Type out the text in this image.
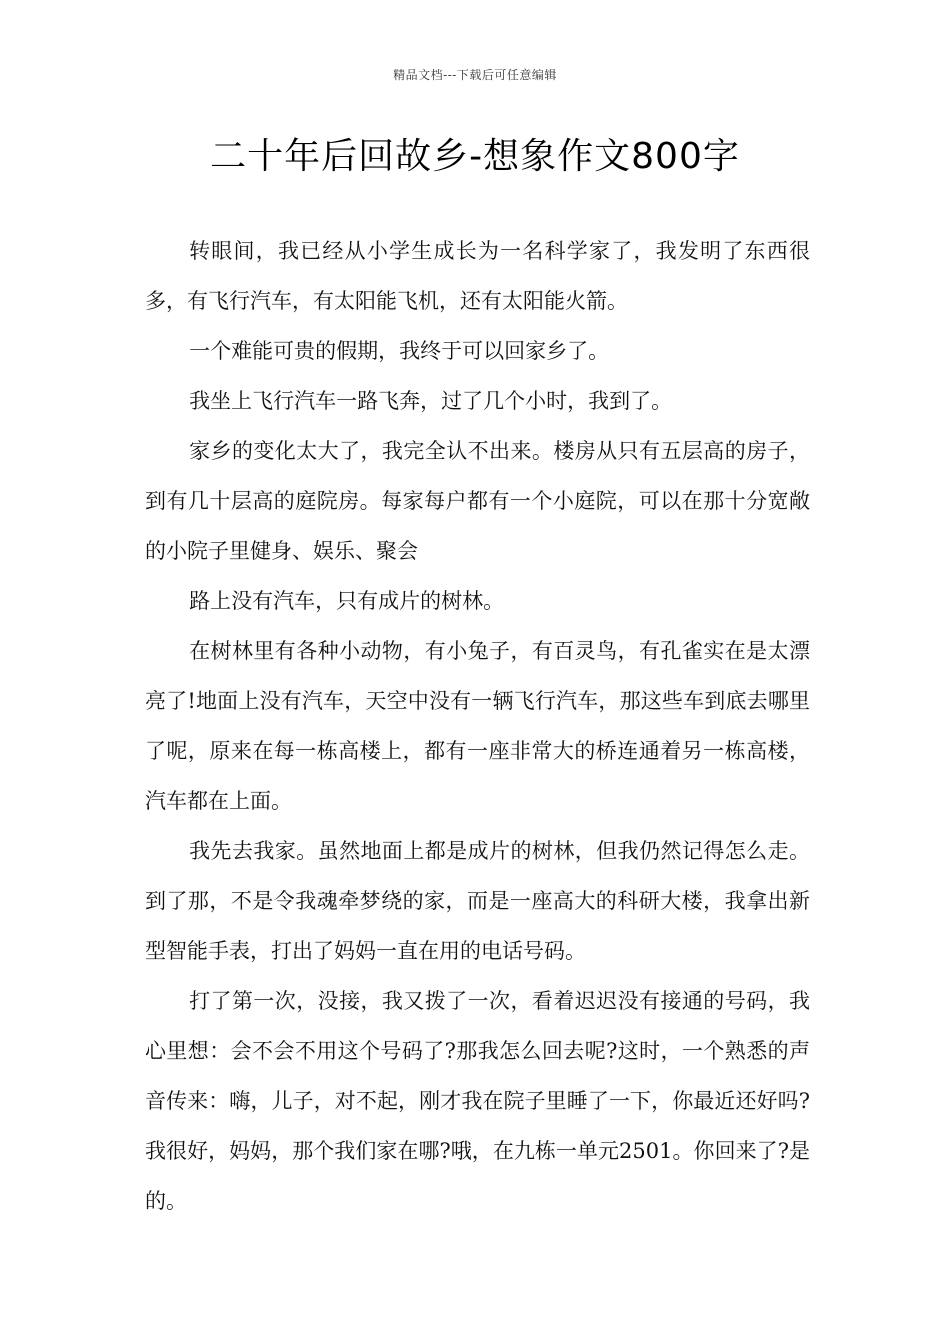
精品文档---下载后可任意编辑
二十年后回故乡-想象作文800字

转眼间，我已经从小学生成长为一名科学家了，我发明了东西很多，有飞行汽车，有太阳能飞机，还有太阳能火箭。

一个难能可贵的假期，我终于可以回家乡了。

我坐上飞行汽车一路飞奔，过了几个小时，我到了。

家乡的变化太大了，我完全认不出来。楼房从只有五层高的房子，到有几十层高的庭院房。每家每户都有一个小庭院，可以在那十分宽敞的小院子里健身、娱乐、聚会

路上没有汽车，只有成片的树林。

在树林里有各种小动物，有小兔子，有百灵鸟，有孔雀实在是太漂亮了!地面上没有汽车，天空中没有一辆飞行汽车，那这些车到底去哪里了呢，原来在每一栋高楼上，都有一座非常大的桥连通着另一栋高楼，汽车都在上面。

我先去我家。虽然地面上都是成片的树林，但我仍然记得怎么走。到了那，不是令我魂牵梦绕的家，而是一座高大的科研大楼，我拿出新型智能手表，打出了妈妈一直在用的电话号码。

打了第一次，没接，我又拨了一次，看着迟迟没有接通的号码，我心里想：会不会不用这个号码了?那我怎么回去呢?这时，一个熟悉的声音传来：嗨，儿子，对不起，刚才我在院子里睡了一下，你最近还好吗?我很好，妈妈，那个我们家在哪?哦，在九栋一单元2501。你回来了?是的。
